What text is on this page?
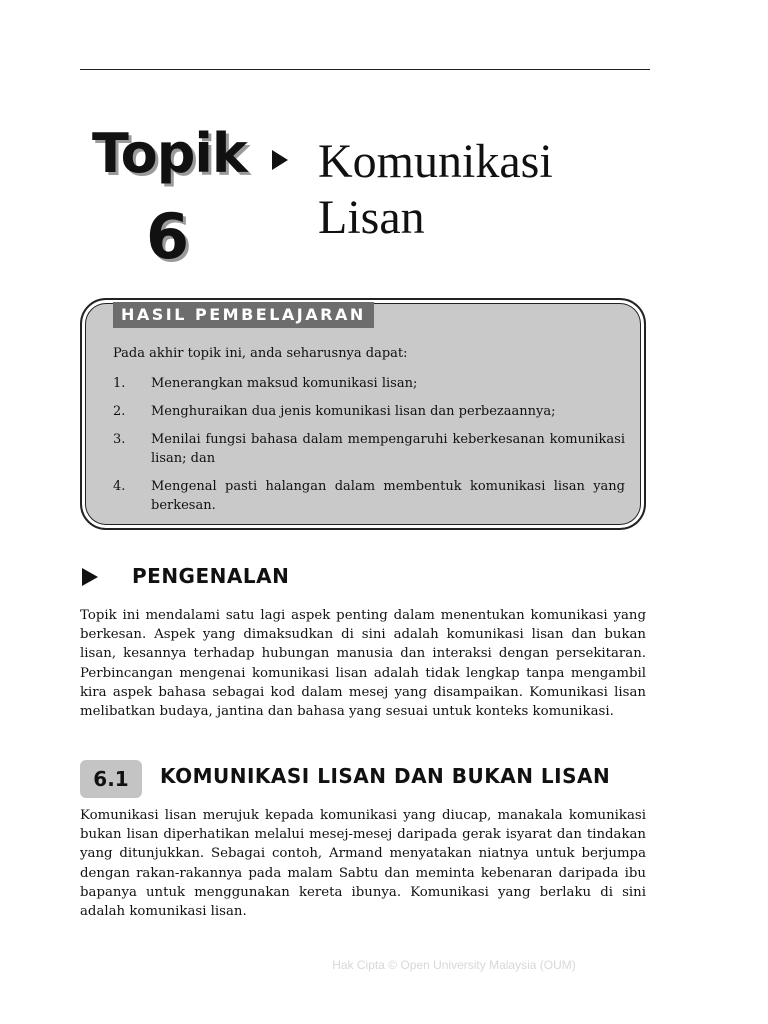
Topik
6
Komunikasi
Lisan
HASIL PEMBELAJARAN
Pada akhir topik ini, anda seharusnya dapat:
1. Menerangkan maksud komunikasi lisan;
2. Menghuraikan dua jenis komunikasi lisan dan perbezaannya;
3. Menilai fungsi bahasa dalam mempengaruhi keberkesanan komunikasi lisan; dan
4. Mengenal pasti halangan dalam membentuk komunikasi lisan yang berkesan.
PENGENALAN

Topik ini mendalami satu lagi aspek penting dalam menentukan komunikasi yang berkesan. Aspek yang dimaksudkan di sini adalah komunikasi lisan dan bukan lisan, kesannya terhadap hubungan manusia dan interaksi dengan persekitaran. Perbincangan mengenai komunikasi lisan adalah tidak lengkap tanpa mengambil kira aspek bahasa sebagai kod dalam mesej yang disampaikan. Komunikasi lisan melibatkan budaya, jantina dan bahasa yang sesuai untuk konteks komunikasi.

6.1	KOMUNIKASI LISAN DAN BUKAN LISAN

Komunikasi lisan merujuk kepada komunikasi yang diucap, manakala komunikasi bukan lisan diperhatikan melalui mesej-mesej daripada gerak isyarat dan tindakan yang ditunjukkan. Sebagai contoh, Armand menyatakan niatnya untuk berjumpa dengan rakan-rakannya pada malam Sabtu dan meminta kebenaran daripada ibu bapanya untuk menggunakan kereta ibunya. Komunikasi yang berlaku di sini adalah komunikasi lisan.

Hak Cipta © Open University Malaysia (OUM)
